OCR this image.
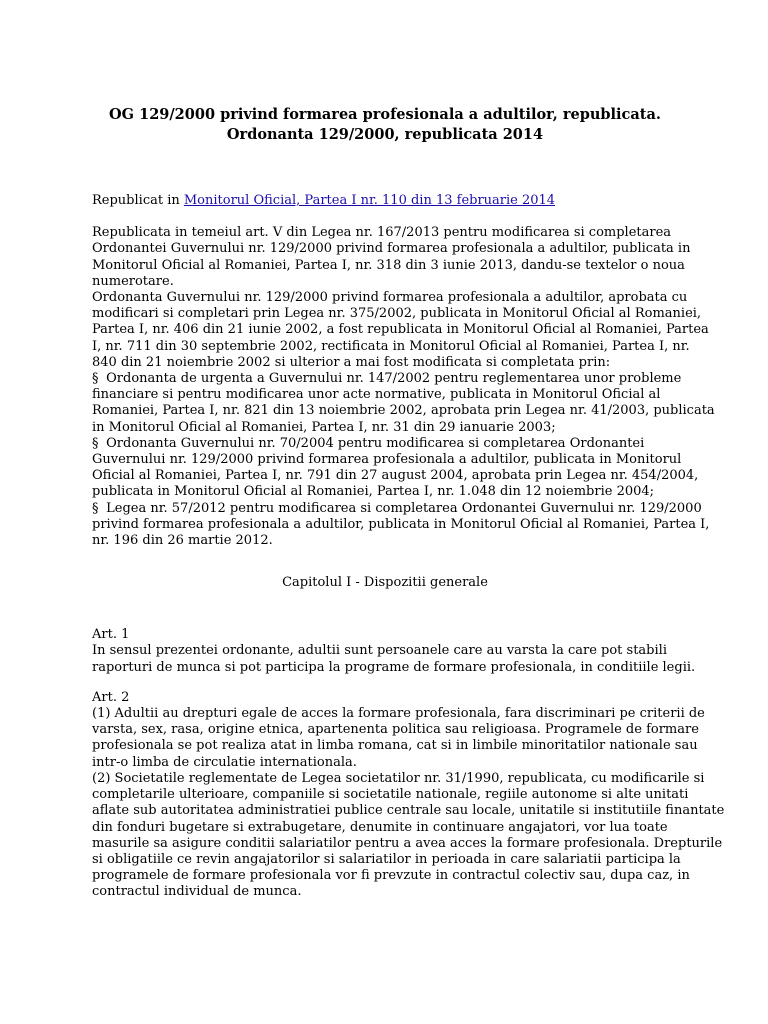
OG 129/2000 privind formarea profesionala a adultilor, republicata.
Ordonanta 129/2000, republicata 2014

Republicat in Monitorul Oficial, Partea I nr. 110 din 13 februarie 2014

Republicata in temeiul art. V din Legea nr. 167/2013 pentru modificarea si completarea
Ordonantei Guvernului nr. 129/2000 privind formarea profesionala a adultilor, publicata in
Monitorul Oficial al Romaniei, Partea I, nr. 318 din 3 iunie 2013, dandu-se textelor o noua
numerotare.
Ordonanta Guvernului nr. 129/2000 privind formarea profesionala a adultilor, aprobata cu
modificari si completari prin Legea nr. 375/2002, publicata in Monitorul Oficial al Romaniei,
Partea I, nr. 406 din 21 iunie 2002, a fost republicata in Monitorul Oficial al Romaniei, Partea
I, nr. 711 din 30 septembrie 2002, rectificata in Monitorul Oficial al Romaniei, Partea I, nr.
840 din 21 noiembrie 2002 si ulterior a mai fost modificata si completata prin:
§ Ordonanta de urgenta a Guvernului nr. 147/2002 pentru reglementarea unor probleme
financiare si pentru modificarea unor acte normative, publicata in Monitorul Oficial al
Romaniei, Partea I, nr. 821 din 13 noiembrie 2002, aprobata prin Legea nr. 41/2003, publicata
in Monitorul Oficial al Romaniei, Partea I, nr. 31 din 29 ianuarie 2003;
§ Ordonanta Guvernului nr. 70/2004 pentru modificarea si completarea Ordonantei
Guvernului nr. 129/2000 privind formarea profesionala a adultilor, publicata in Monitorul
Oficial al Romaniei, Partea I, nr. 791 din 27 august 2004, aprobata prin Legea nr. 454/2004,
publicata in Monitorul Oficial al Romaniei, Partea I, nr. 1.048 din 12 noiembrie 2004;
§ Legea nr. 57/2012 pentru modificarea si completarea Ordonantei Guvernului nr. 129/2000
privind formarea profesionala a adultilor, publicata in Monitorul Oficial al Romaniei, Partea I,
nr. 196 din 26 martie 2012.
Capitolul I - Dispozitii generale
Art. 1
In sensul prezentei ordonante, adultii sunt persoanele care au varsta la care pot stabili
raporturi de munca si pot participa la programe de formare profesionala, in conditiile legii.
Art. 2
(1) Adultii au drepturi egale de acces la formare profesionala, fara discriminari pe criterii de
varsta, sex, rasa, origine etnica, apartenenta politica sau religioasa. Programele de formare
profesionala se pot realiza atat in limba romana, cat si in limbile minoritatilor nationale sau
intr-o limba de circulatie internationala.
(2) Societatile reglementate de Legea societatilor nr. 31/1990, republicata, cu modificarile si
completarile ulterioare, companiile si societatile nationale, regiile autonome si alte unitati
aflate sub autoritatea administratiei publice centrale sau locale, unitatile si institutiile finantate
din fonduri bugetare si extrabugetare, denumite in continuare angajatori, vor lua toate
masurile sa asigure conditii salariatilor pentru a avea acces la formare profesionala. Drepturile
si obligatiile ce revin angajatorilor si salariatilor in perioada in care salariatii participa la
programele de formare profesionala vor fi prevzute in contractul colectiv sau, dupa caz, in
contractul individual de munca.
